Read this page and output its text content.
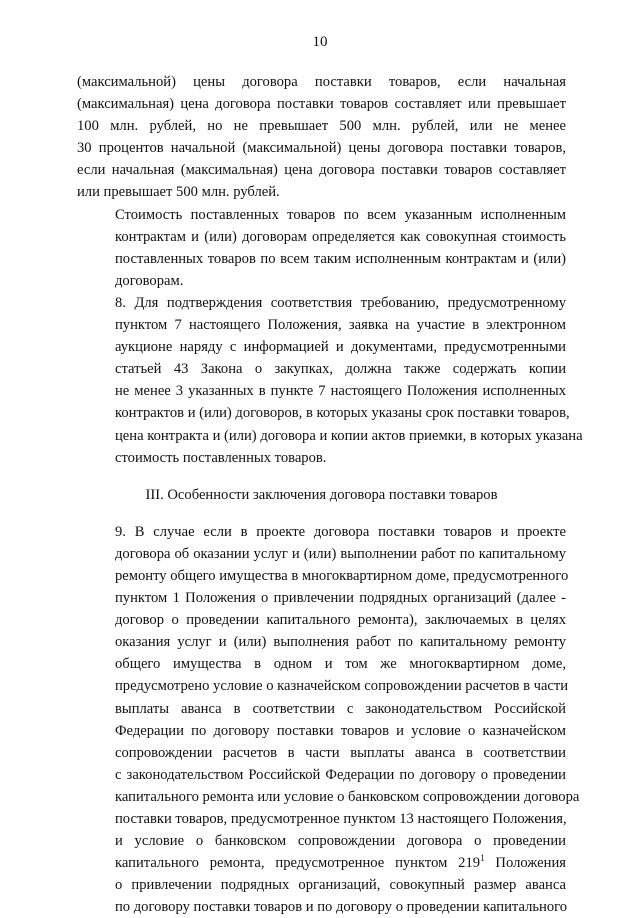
10

(максимальной) цены договора поставки товаров, если начальная
(максимальная) цена договора поставки товаров составляет или превышает
100 млн. рублей, но не превышает 500 млн. рублей, или не менее
30 процентов начальной (максимальной) цены договора поставки товаров,
если начальная (максимальная) цена договора поставки товаров составляет
или превышает 500 млн. рублей.

Стоимость поставленных товаров по всем указанным исполненным
контрактам и (или) договорам определяется как совокупная стоимость
поставленных товаров по всем таким исполненным контрактам и (или)
договорам.

8. Для подтверждения соответствия требованию, предусмотренному
пунктом 7 настоящего Положения, заявка на участие в электронном
аукционе наряду с информацией и документами, предусмотренными
статьей 43 Закона о закупках, должна также содержать копии
не менее 3 указанных в пункте 7 настоящего Положения исполненных
контрактов и (или) договоров, в которых указаны срок поставки товаров,
цена контракта и (или) договора и копии актов приемки, в которых указана
стоимость поставленных товаров.

III. Особенности заключения договора поставки товаров

9. В случае если в проекте договора поставки товаров и проекте
договора об оказании услуг и (или) выполнении работ по капитальному
ремонту общего имущества в многоквартирном доме, предусмотренного
пунктом 1 Положения о привлечении подрядных организаций (далее -
договор о проведении капитального ремонта), заключаемых в целях
оказания услуг и (или) выполнения работ по капитальному ремонту
общего имущества в одном и том же многоквартирном доме,
предусмотрено условие о казначейском сопровождении расчетов в части
выплаты аванса в соответствии с законодательством Российской
Федерации по договору поставки товаров и условие о казначейском
сопровождении расчетов в части выплаты аванса в соответствии
с законодательством Российской Федерации по договору о проведении
капитального ремонта или условие о банковском сопровождении договора
поставки товаров, предусмотренное пунктом 13 настоящего Положения,
и условие о банковском сопровождении договора о проведении
капитального ремонта, предусмотренное пунктом $219^1$ Положения
о привлечении подрядных организаций, совокупный размер аванса
по договору поставки товаров и по договору о проведении капитального
